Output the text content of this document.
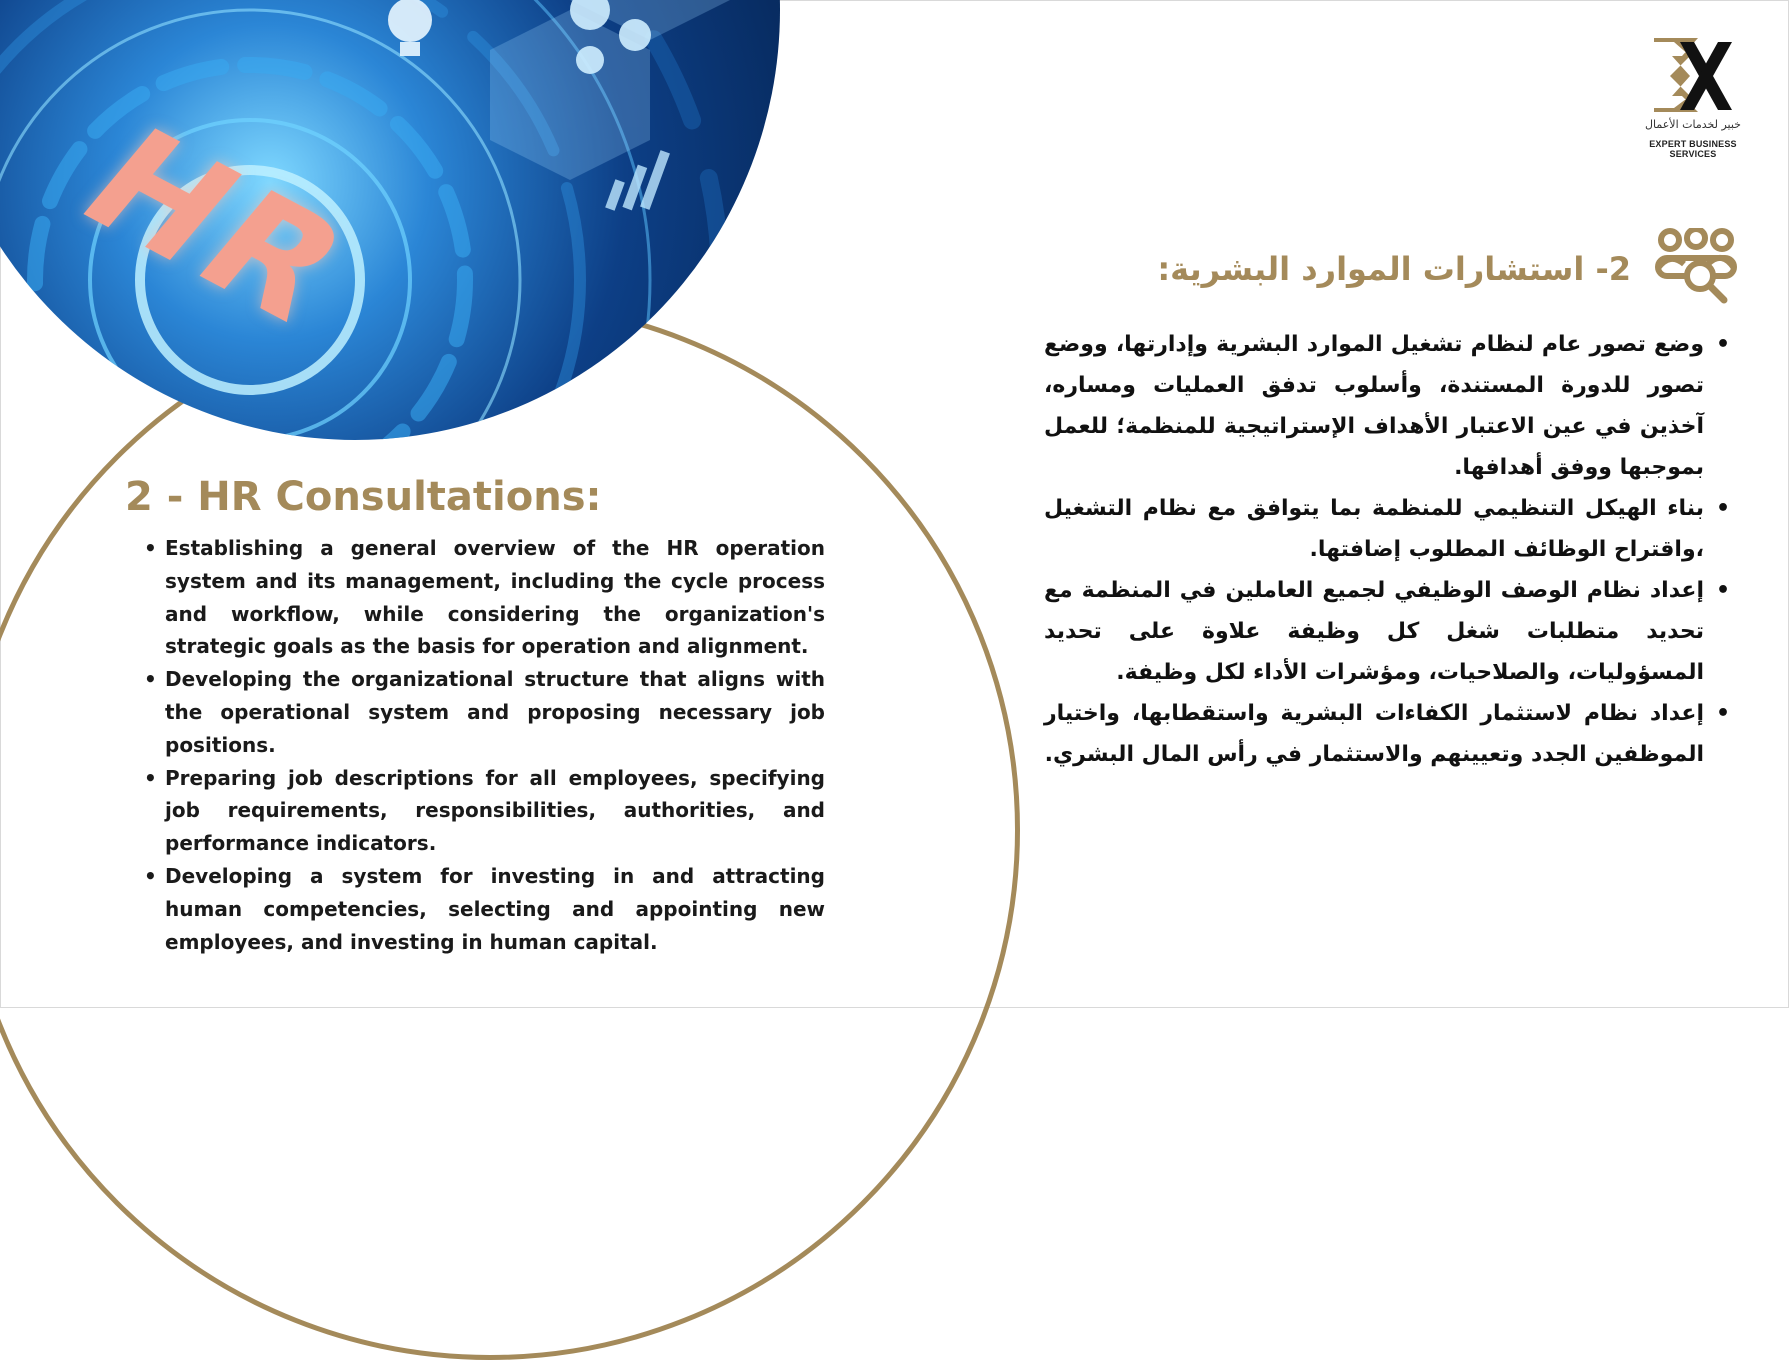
HR	خبير لخدمات الأعمال
EXPERT BUSINESS SERVICES
2 - HR Consultations:
• Establishing a general overview of the HR operation system and its management, including the cycle process and workflow, while considering the organization's strategic goals as the basis for operation and alignment.
• Developing the organizational structure that aligns with the operational system and proposing necessary job positions.
• Preparing job descriptions for all employees, specifying job requirements, responsibilities, authorities, and performance indicators.
• Developing a system for investing in and attracting human competencies, selecting and appointing new employees, and investing in human capital.
2- استشارات الموارد البشرية:
• وضع تصور عام لنظام تشغيل الموارد البشرية وإدارتها، ووضع تصور للدورة المستندة، وأسلوب تدفق العمليات ومساره، آخذين في عين الاعتبار الأهداف الإستراتيجية للمنظمة؛ للعمل بموجبها ووفق أهدافها.
• بناء الهيكل التنظيمي للمنظمة بما يتوافق مع نظام التشغيل ،واقتراح الوظائف المطلوب إضافتها.
• إعداد نظام الوصف الوظيفي لجميع العاملين في المنظمة مع تحديد متطلبات شغل كل وظيفة علاوة على تحديد المسؤوليات، والصلاحيات، ومؤشرات الأداء لكل وظيفة.
• إعداد نظام لاستثمار الكفاءات البشرية واستقطابها، واختيار الموظفين الجدد وتعيينهم والاستثمار في رأس المال البشري.
